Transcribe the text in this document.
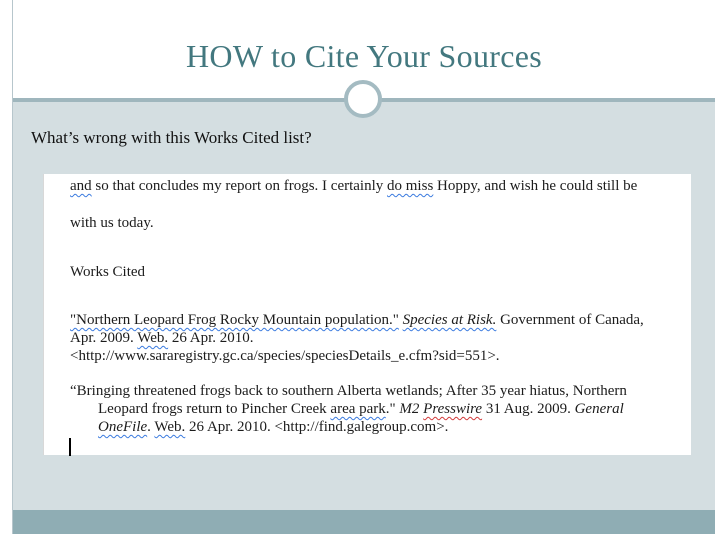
HOW to Cite Your Sources
What’s wrong with this Works Cited list?
and so that concludes my report on frogs. I certainly do miss Hoppy, and wish he could still be
with us today.
Works Cited
"Northern Leopard Frog Rocky Mountain population." Species at Risk. Government of Canada,
Apr. 2009. Web. 26 Apr. 2010.
<http://www.sararegistry.gc.ca/species/speciesDetails_e.cfm?sid=551>.
“Bringing threatened frogs back to southern Alberta wetlands; After 35 year hiatus, Northern
Leopard frogs return to Pincher Creek area park." M2 Presswire 31 Aug. 2009. General
OneFile. Web. 26 Apr. 2010. <http://find.galegroup.com>.
